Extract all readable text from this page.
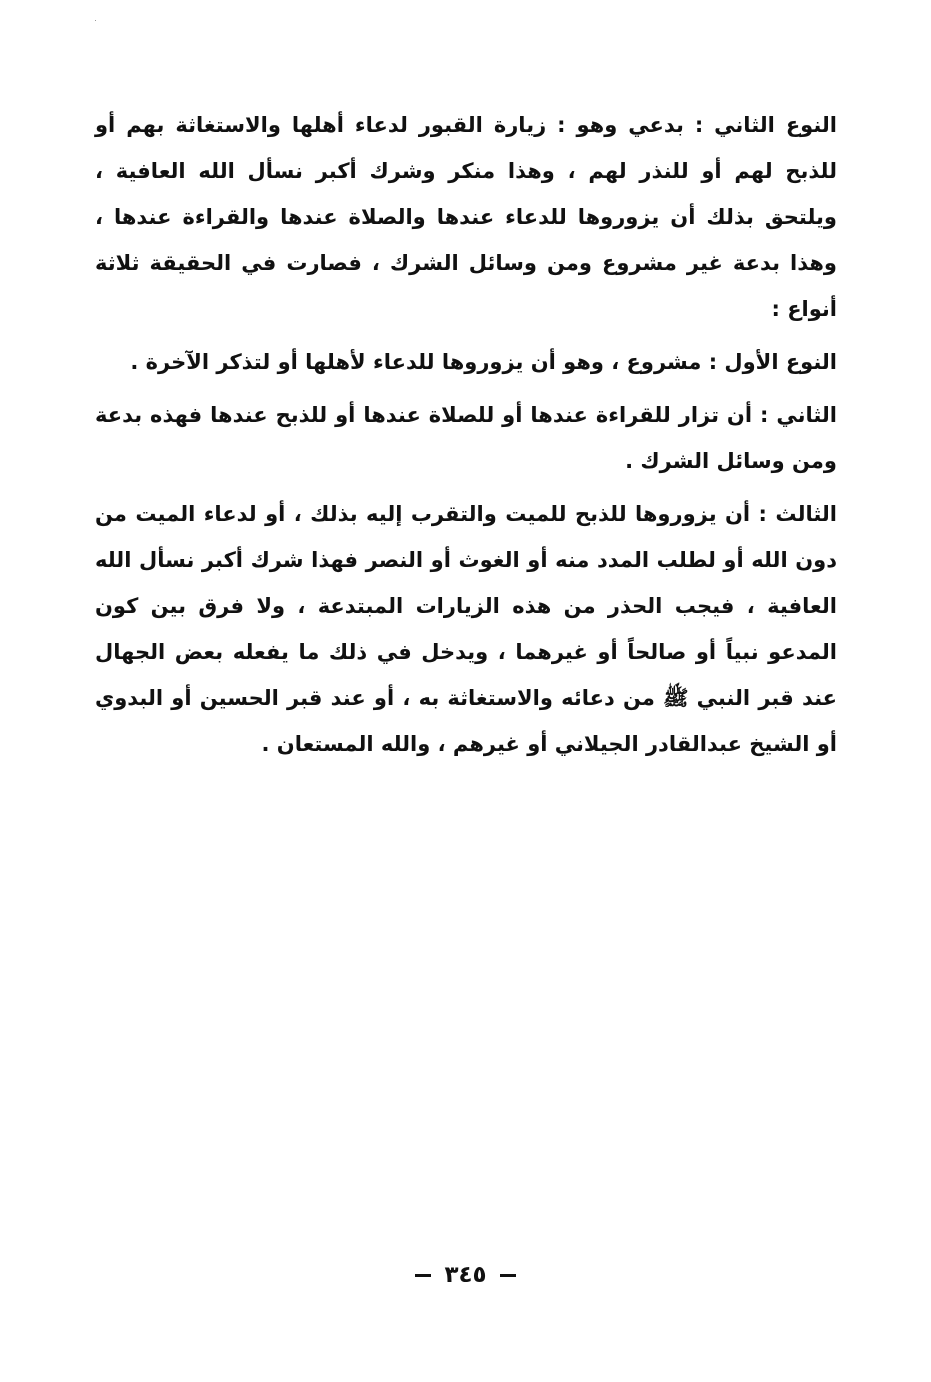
النوع الثاني : بدعي وهو : زيارة القبور لدعاء أهلها والاستغاثة بهم أو للذبح لهم أو للنذر لهم ، وهذا منكر وشرك أكبر نسأل الله العافية ، ويلتحق بذلك أن يزوروها للدعاء عندها والصلاة عندها والقراءة عندها ، وهذا بدعة غير مشروع ومن وسائل الشرك ، فصارت في الحقيقة ثلاثة أنواع :

النوع الأول : مشروع ، وهو أن يزوروها للدعاء لأهلها أو لتذكر الآخرة .

الثاني : أن تزار للقراءة عندها أو للصلاة عندها أو للذبح عندها فهذه بدعة ومن وسائل الشرك .

الثالث : أن يزوروها للذبح للميت والتقرب إليه بذلك ، أو لدعاء الميت من دون الله أو لطلب المدد منه أو الغوث أو النصر فهذا شرك أكبر نسأل الله العافية ، فيجب الحذر من هذه الزيارات المبتدعة ، ولا فرق بين كون المدعو نبياً أو صالحاً أو غيرهما ، ويدخل في ذلك ما يفعله بعض الجهال عند قبر النبي ﷺ من دعائه والاستغاثة به ، أو عند قبر الحسين أو البدوي أو الشيخ عبدالقادر الجيلاني أو غيرهم ، والله المستعان .

٣٤٥
